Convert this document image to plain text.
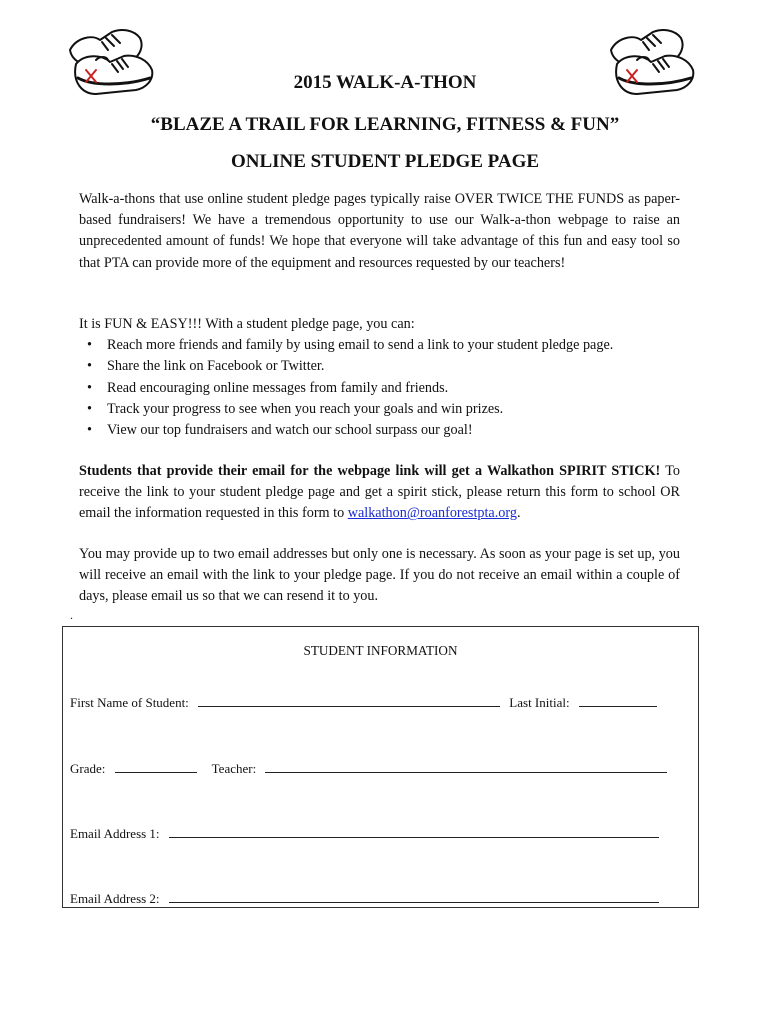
2015 WALK-A-THON
“BLAZE A TRAIL FOR LEARNING, FITNESS & FUN”
ONLINE STUDENT PLEDGE PAGE
Walk-a-thons that use online student pledge pages typically raise OVER TWICE THE FUNDS as paper-based fundraisers! We have a tremendous opportunity to use our Walk-a-thon webpage to raise an unprecedented amount of funds! We hope that everyone will take advantage of this fun and easy tool so that PTA can provide more of the equipment and resources requested by our teachers!
It is FUN & EASY!!! With a student pledge page, you can:
• Reach more friends and family by using email to send a link to your student pledge page.
• Share the link on Facebook or Twitter.
• Read encouraging online messages from family and friends.
• Track your progress to see when you reach your goals and win prizes.
• View our top fundraisers and watch our school surpass our goal!
Students that provide their email for the webpage link will get a Walkathon SPIRIT STICK! To receive the link to your student pledge page and get a spirit stick, please return this form to school OR email the information requested in this form to walkathon@roanforestpta.org.
You may provide up to two email addresses but only one is necessary. As soon as your page is set up, you will receive an email with the link to your pledge page. If you do not receive an email within a couple of days, please email us so that we can resend it to you.
.
STUDENT INFORMATION
First Name of Student:	Last Initial:
Grade:	Teacher:
Email Address 1:
Email Address 2:
